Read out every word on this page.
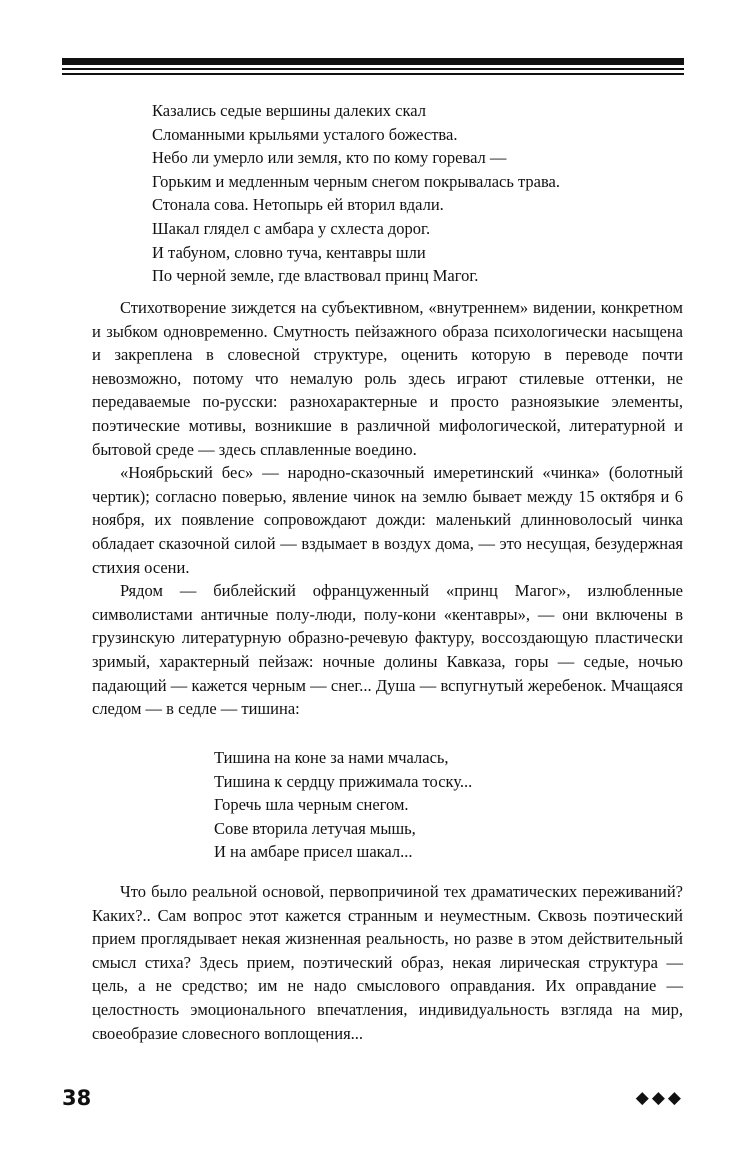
Казались седые вершины далеких скал
Сломанными крыльями усталого божества.
Небо ли умерло или земля, кто по кому горевал —
Горьким и медленным черным снегом покрывалась трава.
Стонала сова. Нетопырь ей вторил вдали.
Шакал глядел с амбара у схлеста дорог.
И табуном, словно туча, кентавры шли
По черной земле, где властвовал принц Магог.

Стихотворение зиждется на субъективном, «внутреннем» видении, конкретном и зыбком одновременно. Смутность пейзажного образа психологически насыщена и закреплена в словесной структуре, оценить которую в переводе почти невозможно, потому что немалую роль здесь играют стилевые оттенки, не передаваемые по-русски: разнохарактерные и просто разноязыкие элементы, поэтические мотивы, возникшие в различной мифологической, литературной и бытовой среде — здесь сплавленные воедино.

«Ноябрьский бес» — народно-сказочный имеретинский «чинка» (болотный чертик); согласно поверью, явление чинок на землю бывает между 15 октября и 6 ноября, их появление сопровождают дожди: маленький длинноволосый чинка обладает сказочной силой — вздымает в воздух дома, — это несущая, безудержная стихия осени.

Рядом — библейский офранцуженный «принц Магог», излюбленные символистами античные полу-люди, полу-кони «кентавры», — они включены в грузинскую литературную образно-речевую фактуру, воссоздающую пластически зримый, характерный пейзаж: ночные долины Кавказа, горы — седые, ночью падающий — кажется черным — снег... Душа — вспугнутый жеребенок. Мчащаяся следом — в седле — тишина:

Тишина на коне за нами мчалась,
Тишина к сердцу прижимала тоску...
Горечь шла черным снегом.
Сове вторила летучая мышь,
И на амбаре присел шакал...

Что было реальной основой, первопричиной тех драматических переживаний? Каких?.. Сам вопрос этот кажется странным и неуместным. Сквозь поэтический прием проглядывает некая жизненная реальность, но разве в этом действительный смысл стиха? Здесь прием, поэтический образ, некая лирическая структура — цель, а не средство; им не надо смыслового оправдания. Их оправдание — целостность эмоционального впечатления, индивидуальность взгляда на мир, своеобразие словесного воплощения...

38	◆◆◆
